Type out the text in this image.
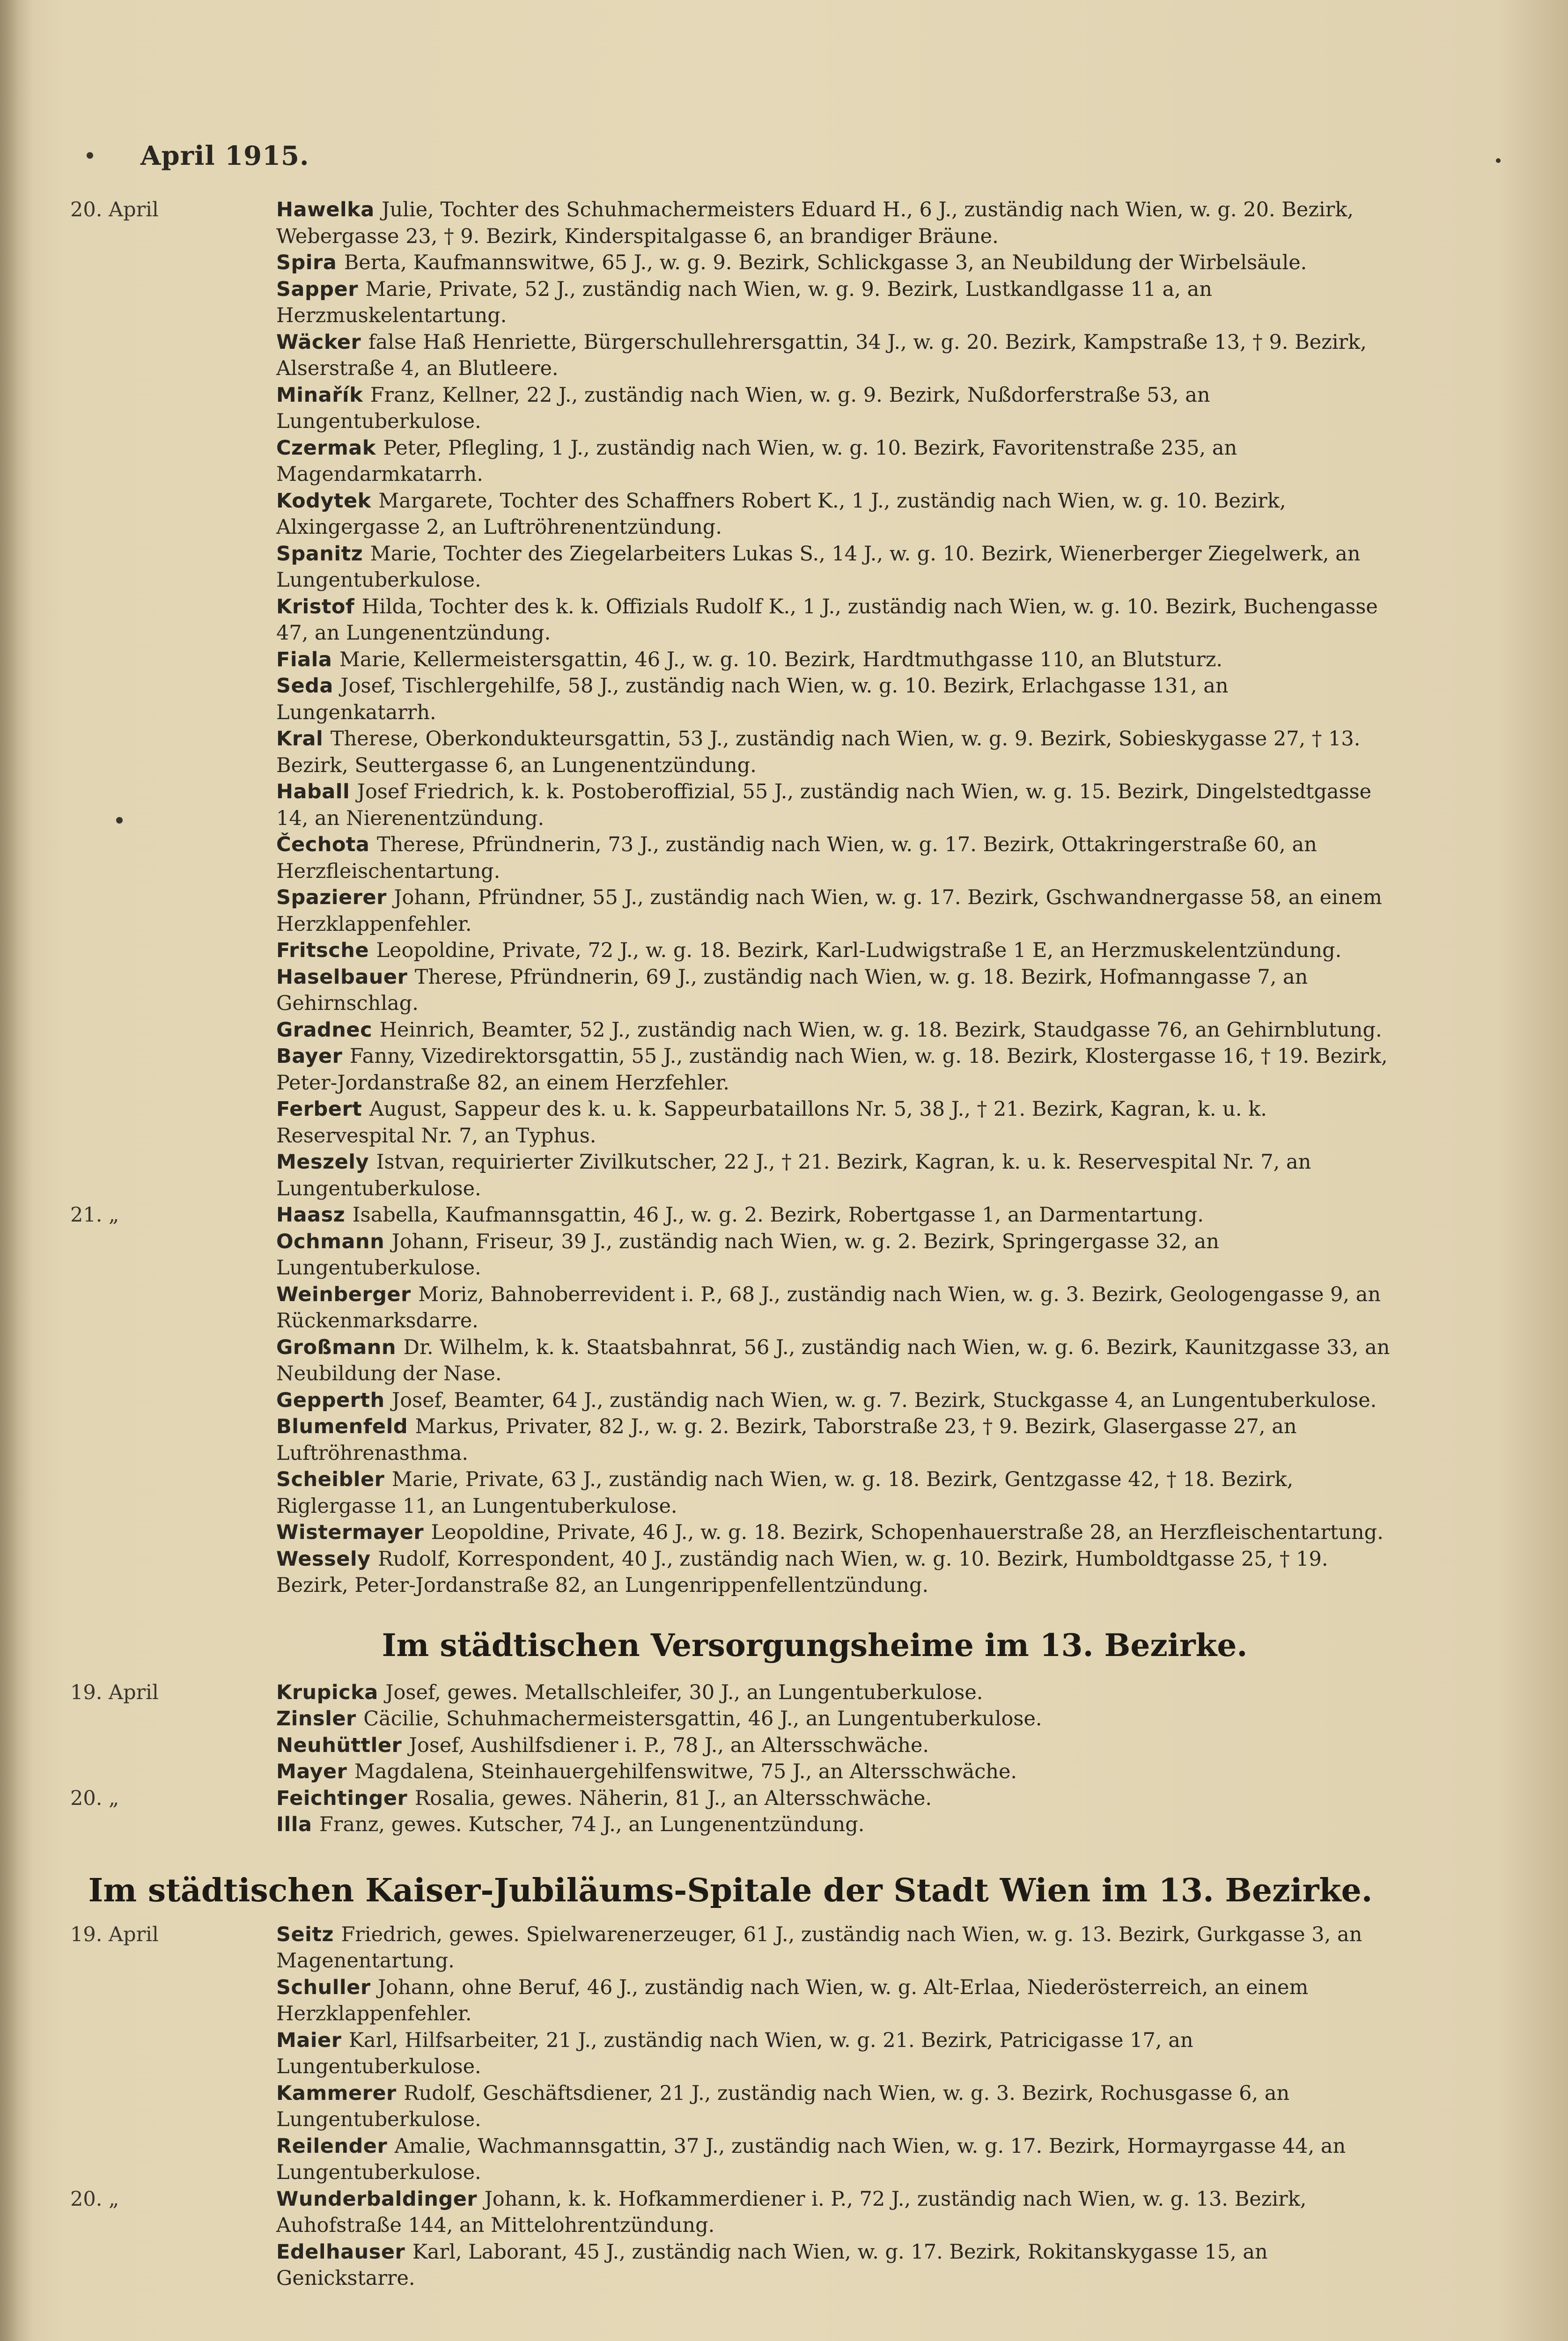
April 1915.
20. April	Hawelka Julie, Tochter des Schuhmachermeisters Eduard H., 6 J., zuständig nach Wien, w. g. 20. Bezirk, Webergasse 23, † 9. Bezirk, Kinderspitalgasse 6, an brandiger Bräune.
Spira Berta, Kaufmannswitwe, 65 J., w. g. 9. Bezirk, Schlickgasse 3, an Neubildung der Wirbelsäule.
Sapper Marie, Private, 52 J., zuständig nach Wien, w. g. 9. Bezirk, Lustkandlgasse 11 a, an Herzmuskelentartung.
Wäcker false Haß Henriette, Bürgerschullehrersgattin, 34 J., w. g. 20. Bezirk, Kampstraße 13, † 9. Bezirk, Alserstraße 4, an Blutleere.
Minařík Franz, Kellner, 22 J., zuständig nach Wien, w. g. 9. Bezirk, Nußdorferstraße 53, an Lungentuberkulose.
Czermak Peter, Pflegling, 1 J., zuständig nach Wien, w. g. 10. Bezirk, Favoritenstraße 235, an Magendarmkatarrh.
Kodytek Margarete, Tochter des Schaffners Robert K., 1 J., zuständig nach Wien, w. g. 10. Bezirk, Alxingergasse 2, an Luftröhrenentzündung.
Spanitz Marie, Tochter des Ziegelarbeiters Lukas S., 14 J., w. g. 10. Bezirk, Wienerberger Ziegelwerk, an Lungentuberkulose.
Kristof Hilda, Tochter des k. k. Offizials Rudolf K., 1 J., zuständig nach Wien, w. g. 10. Bezirk, Buchengasse 47, an Lungenentzündung.
Fiala Marie, Kellermeistersgattin, 46 J., w. g. 10. Bezirk, Hardtmuthgasse 110, an Blutsturz.
Seda Josef, Tischlergehilfe, 58 J., zuständig nach Wien, w. g. 10. Bezirk, Erlachgasse 131, an Lungenkatarrh.
Kral Therese, Oberkondukteursgattin, 53 J., zuständig nach Wien, w. g. 9. Bezirk, Sobieskygasse 27, † 13. Bezirk, Seuttergasse 6, an Lungenentzündung.
Haball Josef Friedrich, k. k. Postoberoffizial, 55 J., zuständig nach Wien, w. g. 15. Bezirk, Dingelstedtgasse 14, an Nierenentzündung.
Čechota Therese, Pfründnerin, 73 J., zuständig nach Wien, w. g. 17. Bezirk, Ottakringerstraße 60, an Herzfleischentartung.
Spazierer Johann, Pfründner, 55 J., zuständig nach Wien, w. g. 17. Bezirk, Gschwandnergasse 58, an einem Herzklappenfehler.
Fritsche Leopoldine, Private, 72 J., w. g. 18. Bezirk, Karl-Ludwigstraße 1 E, an Herzmuskelentzündung.
Haselbauer Therese, Pfründnerin, 69 J., zuständig nach Wien, w. g. 18. Bezirk, Hofmanngasse 7, an Gehirnschlag.
Gradnec Heinrich, Beamter, 52 J., zuständig nach Wien, w. g. 18. Bezirk, Staudgasse 76, an Gehirnblutung.
Bayer Fanny, Vizedirektorsgattin, 55 J., zuständig nach Wien, w. g. 18. Bezirk, Klostergasse 16, † 19. Bezirk, Peter-Jordanstraße 82, an einem Herzfehler.
Ferbert August, Sappeur des k. u. k. Sappeurbataillons Nr. 5, 38 J., † 21. Bezirk, Kagran, k. u. k. Reservespital Nr. 7, an Typhus.
Meszely Istvan, requirierter Zivilkutscher, 22 J., † 21. Bezirk, Kagran, k. u. k. Reservespital Nr. 7, an Lungentuberkulose.
21. „	Haasz Isabella, Kaufmannsgattin, 46 J., w. g. 2. Bezirk, Robertgasse 1, an Darmentartung.
Ochmann Johann, Friseur, 39 J., zuständig nach Wien, w. g. 2. Bezirk, Springergasse 32, an Lungentuberkulose.
Weinberger Moriz, Bahnoberrevident i. P., 68 J., zuständig nach Wien, w. g. 3. Bezirk, Geologengasse 9, an Rückenmarksdarre.
Großmann Dr. Wilhelm, k. k. Staatsbahnrat, 56 J., zuständig nach Wien, w. g. 6. Bezirk, Kaunitzgasse 33, an Neubildung der Nase.
Gepperth Josef, Beamter, 64 J., zuständig nach Wien, w. g. 7. Bezirk, Stuckgasse 4, an Lungentuberkulose.
Blumenfeld Markus, Privater, 82 J., w. g. 2. Bezirk, Taborstraße 23, † 9. Bezirk, Glasergasse 27, an Luftröhrenasthma.
Scheibler Marie, Private, 63 J., zuständig nach Wien, w. g. 18. Bezirk, Gentzgasse 42, † 18. Bezirk, Riglergasse 11, an Lungentuberkulose.
Wistermayer Leopoldine, Private, 46 J., w. g. 18. Bezirk, Schopenhauerstraße 28, an Herzfleischentartung.
Wessely Rudolf, Korrespondent, 40 J., zuständig nach Wien, w. g. 10. Bezirk, Humboldtgasse 25, † 19. Bezirk, Peter-Jordanstraße 82, an Lungenrippenfellentzündung.
Im städtischen Versorgungsheime im 13. Bezirke.
19. April	Krupicka Josef, gewes. Metallschleifer, 30 J., an Lungentuberkulose.
Zinsler Cäcilie, Schuhmachermeistersgattin, 46 J., an Lungentuberkulose.
Neuhüttler Josef, Aushilfsdiener i. P., 78 J., an Altersschwäche.
Mayer Magdalena, Steinhauergehilfenswitwe, 75 J., an Altersschwäche.
20. „	Feichtinger Rosalia, gewes. Näherin, 81 J., an Altersschwäche.
Illa Franz, gewes. Kutscher, 74 J., an Lungenentzündung.
Im städtischen Kaiser-Jubiläums-Spitale der Stadt Wien im 13. Bezirke.
19. April	Seitz Friedrich, gewes. Spielwarenerzeuger, 61 J., zuständig nach Wien, w. g. 13. Bezirk, Gurkgasse 3, an Magenentartung.
Schuller Johann, ohne Beruf, 46 J., zuständig nach Wien, w. g. Alt-Erlaa, Niederösterreich, an einem Herzklappenfehler.
Maier Karl, Hilfsarbeiter, 21 J., zuständig nach Wien, w. g. 21. Bezirk, Patricigasse 17, an Lungentuberkulose.
Kammerer Rudolf, Geschäftsdiener, 21 J., zuständig nach Wien, w. g. 3. Bezirk, Rochusgasse 6, an Lungentuberkulose.
Reilender Amalie, Wachmannsgattin, 37 J., zuständig nach Wien, w. g. 17. Bezirk, Hormayrgasse 44, an Lungentuberkulose.
20. „	Wunderbaldinger Johann, k. k. Hofkammerdiener i. P., 72 J., zuständig nach Wien, w. g. 13. Bezirk, Auhofstraße 144, an Mittelohrentzündung.
Edelhauser Karl, Laborant, 45 J., zuständig nach Wien, w. g. 17. Bezirk, Rokitanskygasse 15, an Genickstarre.
